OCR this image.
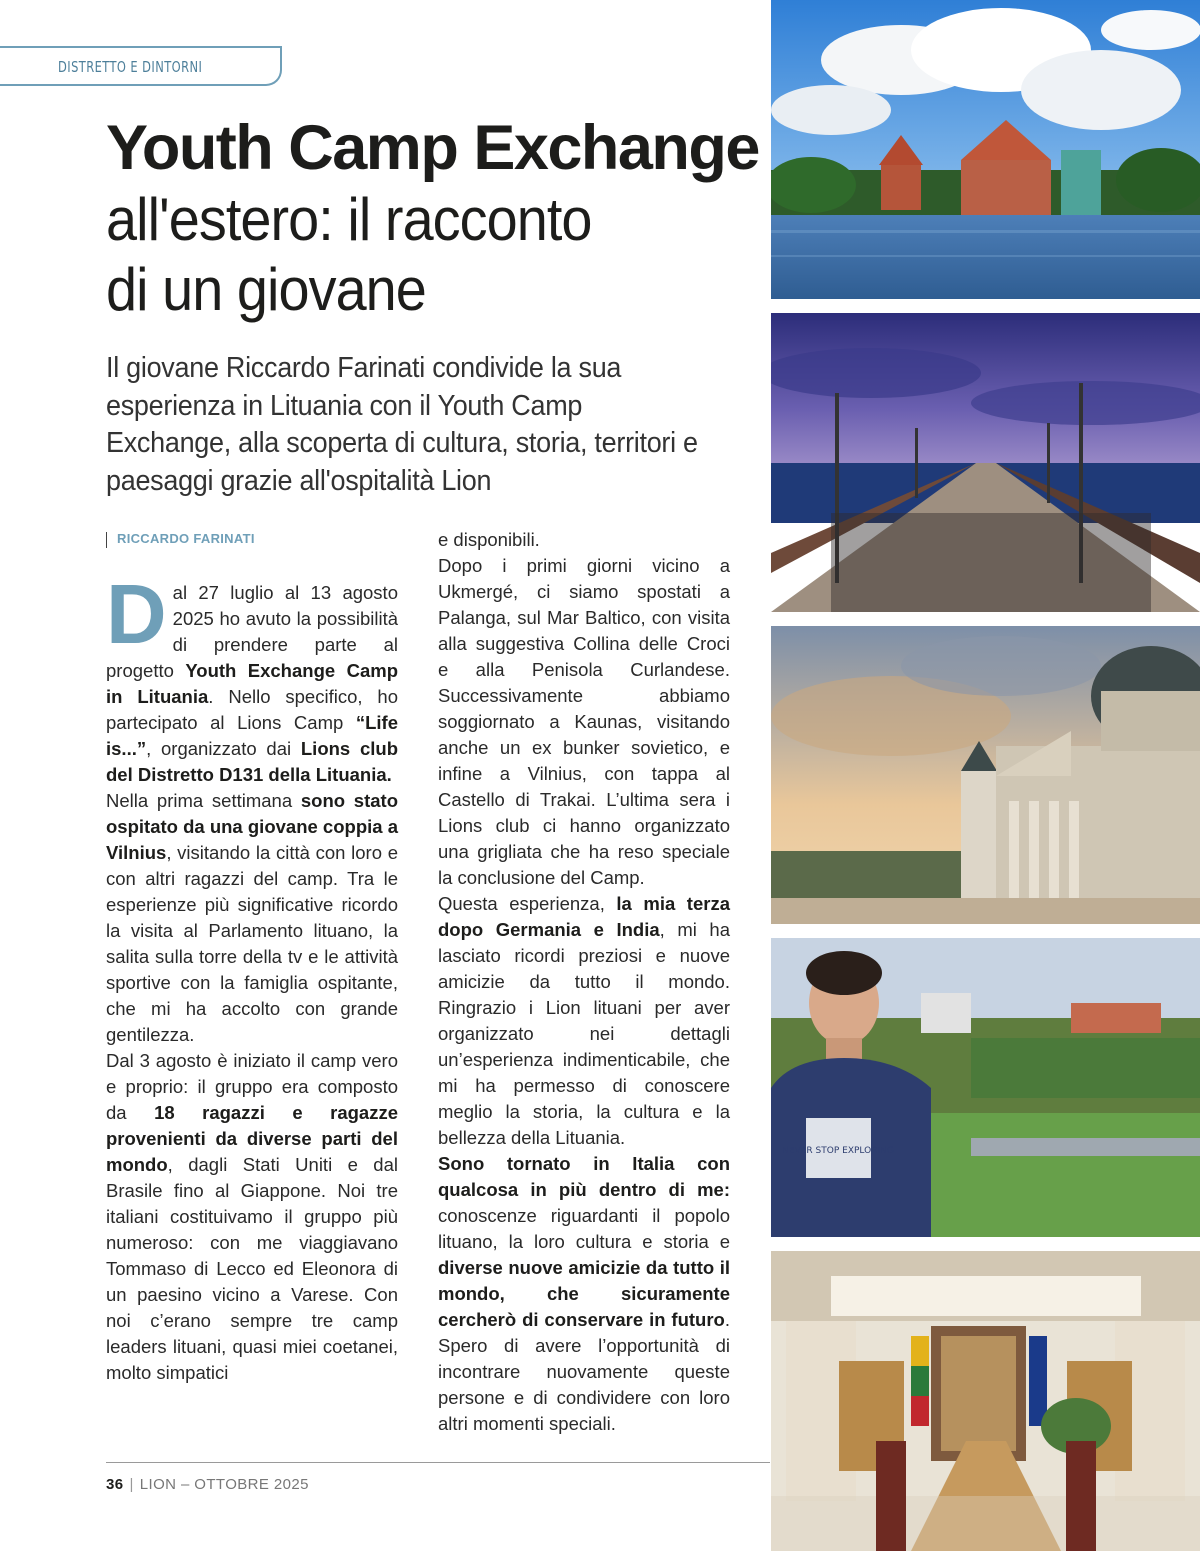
DISTRETTO E DINTORNI
Youth Camp Exchange
all'estero: il racconto
di un giovane
Il giovane Riccardo Farinati condivide la sua esperienza in Lituania con il Youth Camp Exchange, alla scoperta di cultura, storia, territori e paesaggi grazie all'ospitalità Lion
RICCARDO FARINATI

Dal 27 luglio al 13 agosto 2025 ho avuto la possibilità di prendere parte al progetto Youth Exchange Camp in Lituania. Nello specifico, ho partecipato al Lions Camp “Life is...”, organizzato dai Lions club del Distretto D131 della Lituania.

Nella prima settimana sono stato ospitato da una giovane coppia a Vilnius, visitando la città con loro e con altri ragazzi del camp. Tra le esperienze più significative ricordo la visita al Parlamento lituano, la salita sulla torre della tv e le attività sportive con la famiglia ospitante, che mi ha accolto con grande gentilezza.

Dal 3 agosto è iniziato il camp vero e proprio: il gruppo era composto da 18 ragazzi e ragazze provenienti da diverse parti del mondo, dagli Stati Uniti e dal Brasile fino al Giappone. Noi tre italiani costituivamo il gruppo più numeroso: con me viaggiavano Tommaso di Lecco ed Eleonora di un paesino vicino a Varese. Con noi c’erano sempre tre camp leaders lituani, quasi miei coetanei, molto simpatici

e disponibili.

Dopo i primi giorni vicino a Ukmergé, ci siamo spostati a Palanga, sul Mar Baltico, con visita alla suggestiva Collina delle Croci e alla Penisola Curlandese. Successivamente abbiamo soggiornato a Kaunas, visitando anche un ex bunker sovietico, e infine a Vilnius, con tappa al Castello di Trakai. L’ultima sera i Lions club ci hanno organizzato una grigliata che ha reso speciale la conclusione del Camp.

Questa esperienza, la mia terza dopo Germania e India, mi ha lasciato ricordi preziosi e nuove amicizie da tutto il mondo. Ringrazio i Lion lituani per aver organizzato nei dettagli un’esperienza indimenticabile, che mi ha permesso di conoscere meglio la storia, la cultura e la bellezza della Lituania.

Sono tornato in Italia con qualcosa in più dentro di me: conoscenze riguardanti il popolo lituano, la loro cultura e storia e diverse nuove amicizie da tutto il mondo, che sicuramente cercherò di conservare in futuro. Spero di avere l’opportunità di incontrare nuovamente queste persone e di condividere con loro altri momenti speciali.

36 | LION – OTTOBRE 2025
NEVER STOP EXPLORING
